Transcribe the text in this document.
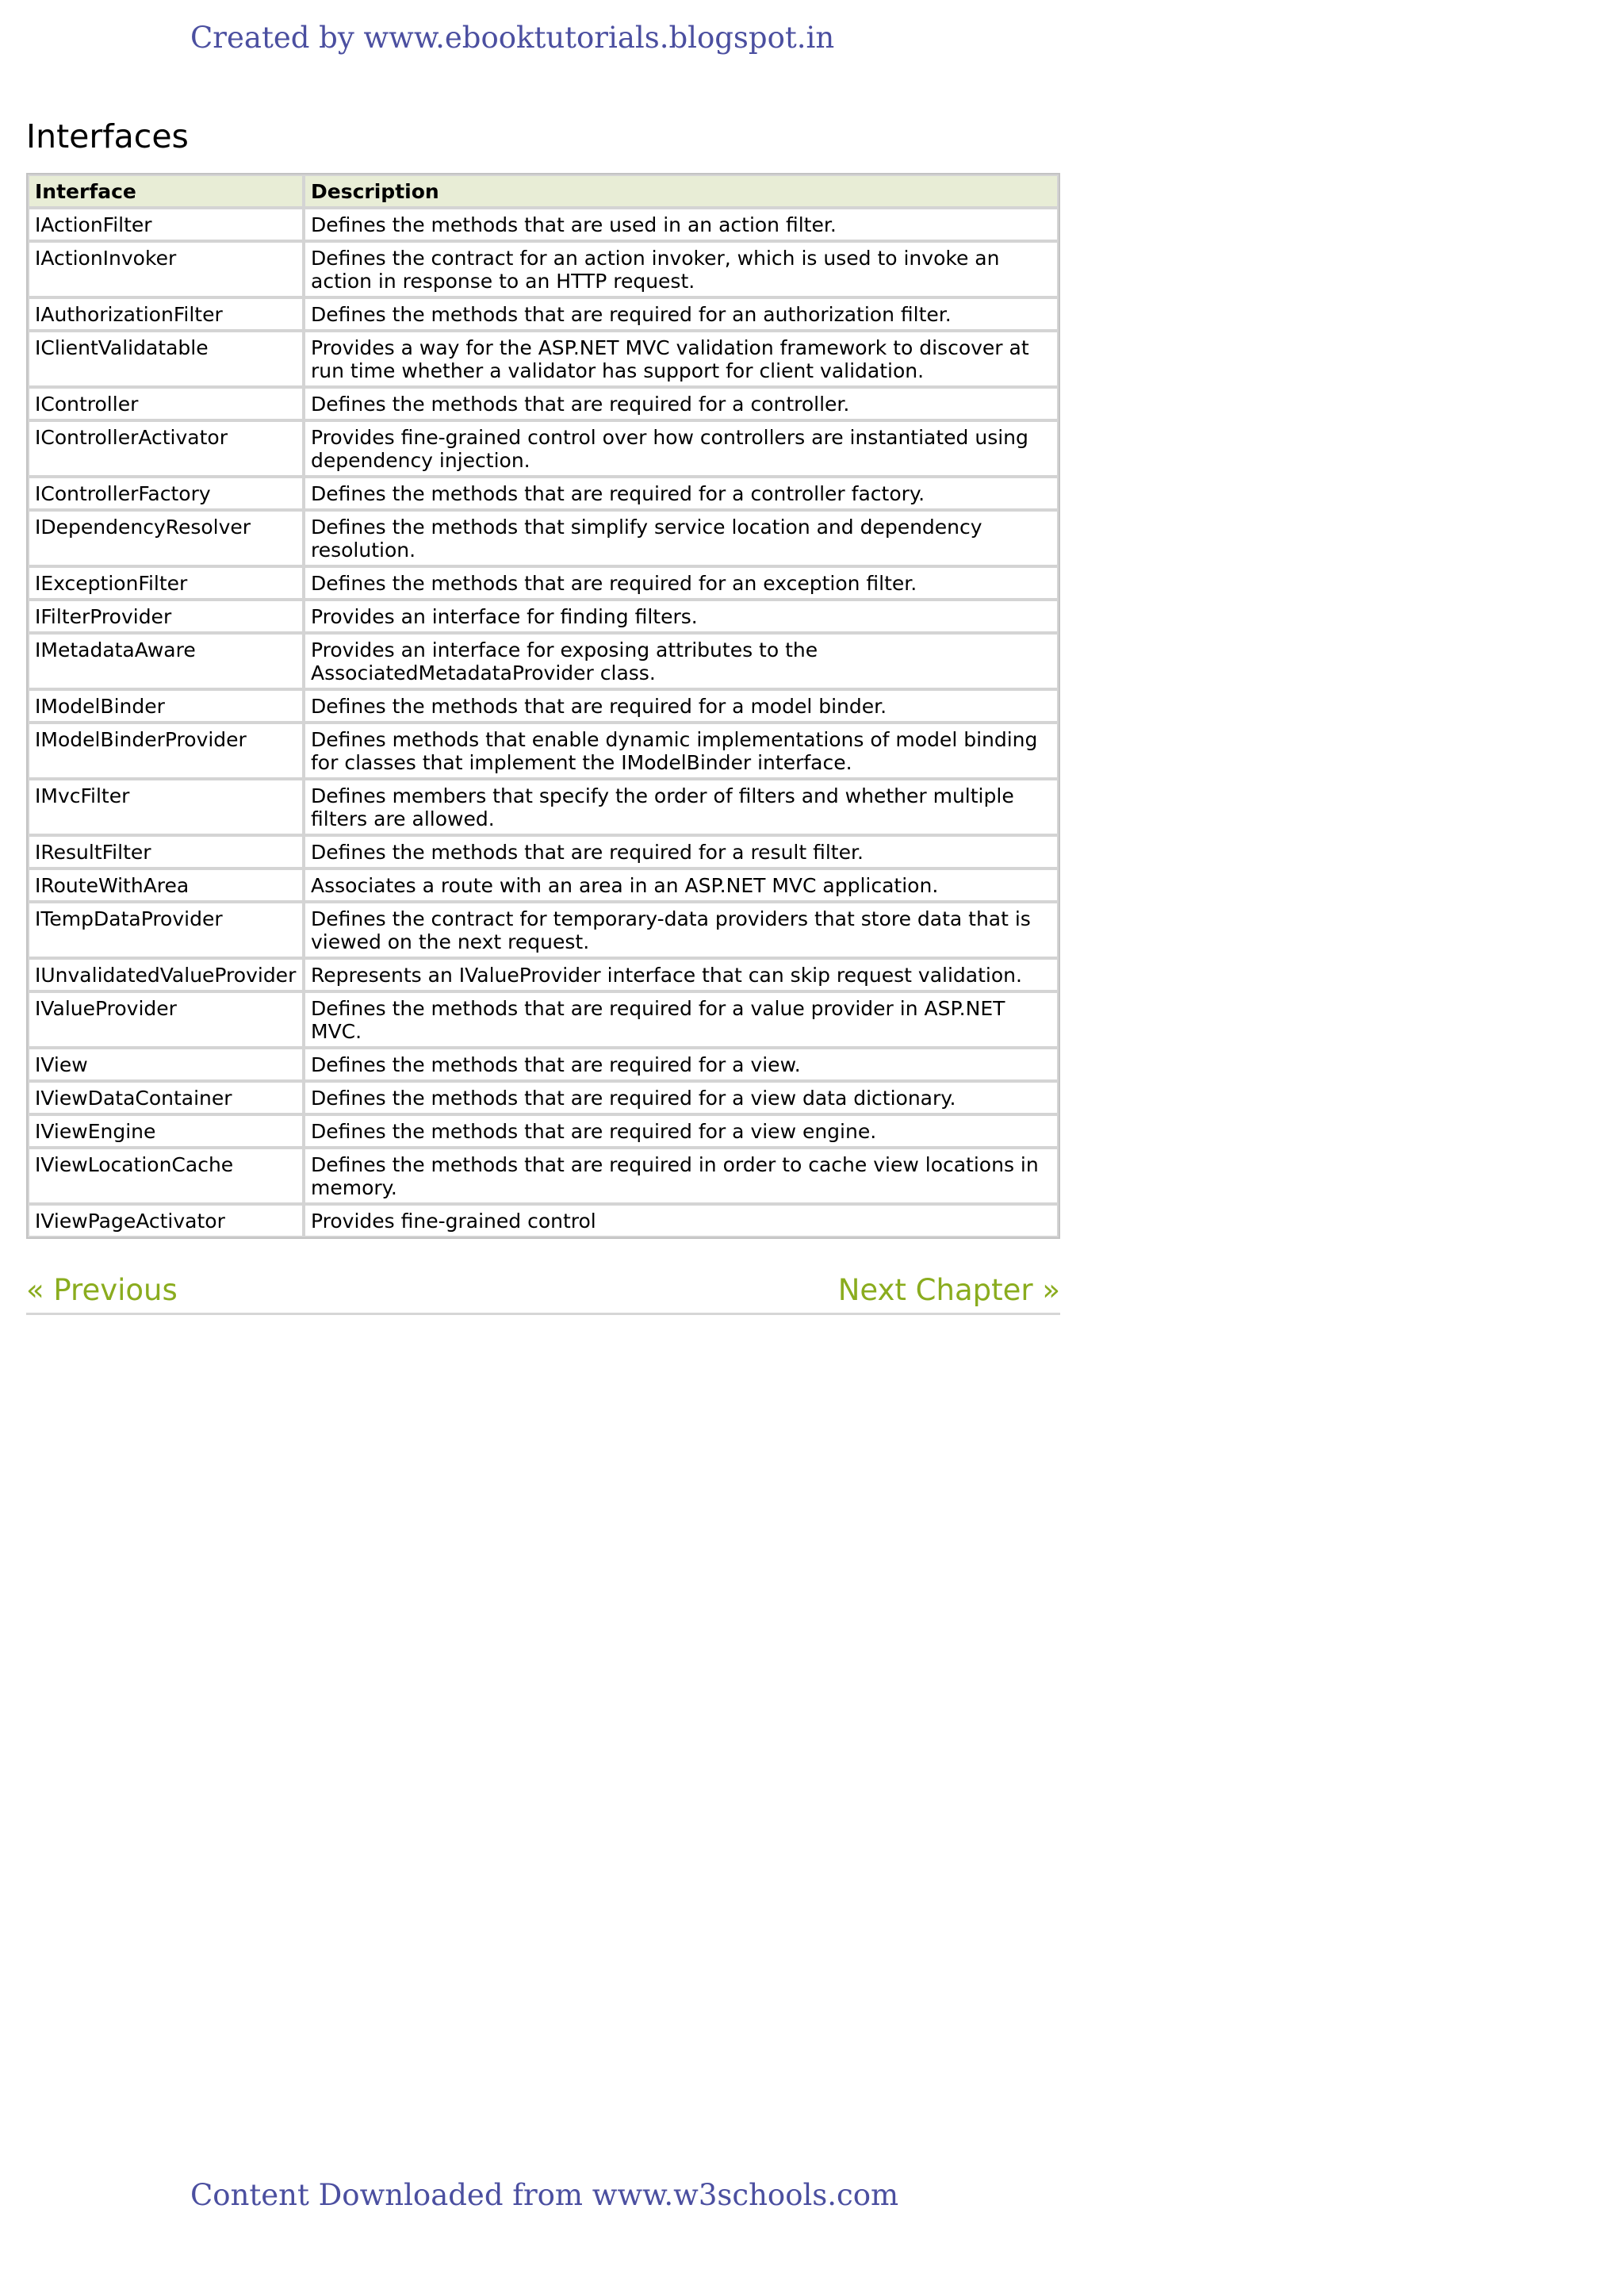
Created by www.ebooktutorials.blogspot.in
Interfaces
Interface	Description
IActionFilter	Defines the methods that are used in an action filter.
IActionInvoker	Defines the contract for an action invoker, which is used to invoke an action in response to an HTTP request.
IAuthorizationFilter	Defines the methods that are required for an authorization filter.
IClientValidatable	Provides a way for the ASP.NET MVC validation framework to discover at run time whether a validator has support for client validation.
IController	Defines the methods that are required for a controller.
IControllerActivator	Provides fine-grained control over how controllers are instantiated using dependency injection.
IControllerFactory	Defines the methods that are required for a controller factory.
IDependencyResolver	Defines the methods that simplify service location and dependency resolution.
IExceptionFilter	Defines the methods that are required for an exception filter.
IFilterProvider	Provides an interface for finding filters.
IMetadataAware	Provides an interface for exposing attributes to the AssociatedMetadataProvider class.
IModelBinder	Defines the methods that are required for a model binder.
IModelBinderProvider	Defines methods that enable dynamic implementations of model binding for classes that implement the IModelBinder interface.
IMvcFilter	Defines members that specify the order of filters and whether multiple filters are allowed.
IResultFilter	Defines the methods that are required for a result filter.
IRouteWithArea	Associates a route with an area in an ASP.NET MVC application.
ITempDataProvider	Defines the contract for temporary-data providers that store data that is viewed on the next request.
IUnvalidatedValueProvider	Represents an IValueProvider interface that can skip request validation.
IValueProvider	Defines the methods that are required for a value provider in ASP.NET MVC.
IView	Defines the methods that are required for a view.
IViewDataContainer	Defines the methods that are required for a view data dictionary.
IViewEngine	Defines the methods that are required for a view engine.
IViewLocationCache	Defines the methods that are required in order to cache view locations in memory.
IViewPageActivator	Provides fine-grained control
« Previous	Next Chapter »
Content Downloaded from www.w3schools.com
